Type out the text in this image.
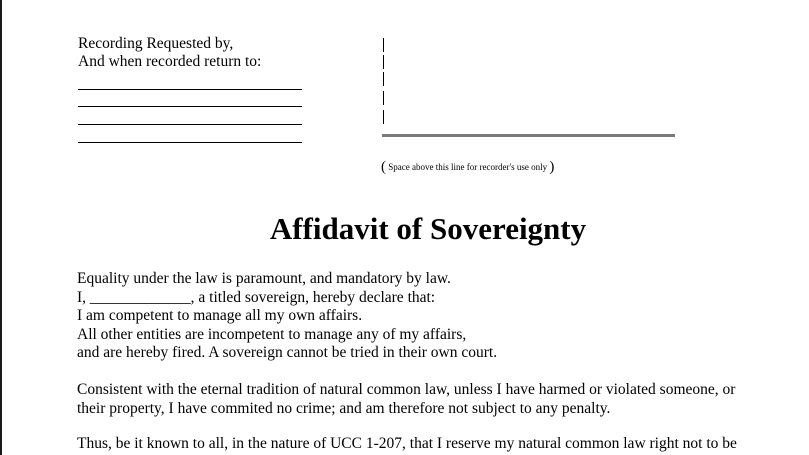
Recording Requested by,
And when recorded return to:
( Space above this line for recorder's use only )
Affidavit of Sovereignty
Equality under the law is paramount, and mandatory by law.
I, _____________, a titled sovereign, hereby declare that:
I am competent to manage all my own affairs.
All other entities are incompetent to manage any of my affairs,
and are hereby fired. A sovereign cannot be tried in their own court.
Consistent with the eternal tradition of natural common law, unless I have harmed or violated someone, or
their property, I have commited no crime; and am therefore not subject to any penalty.
Thus, be it known to all, in the nature of UCC 1-207, that I reserve my natural common law right not to be
